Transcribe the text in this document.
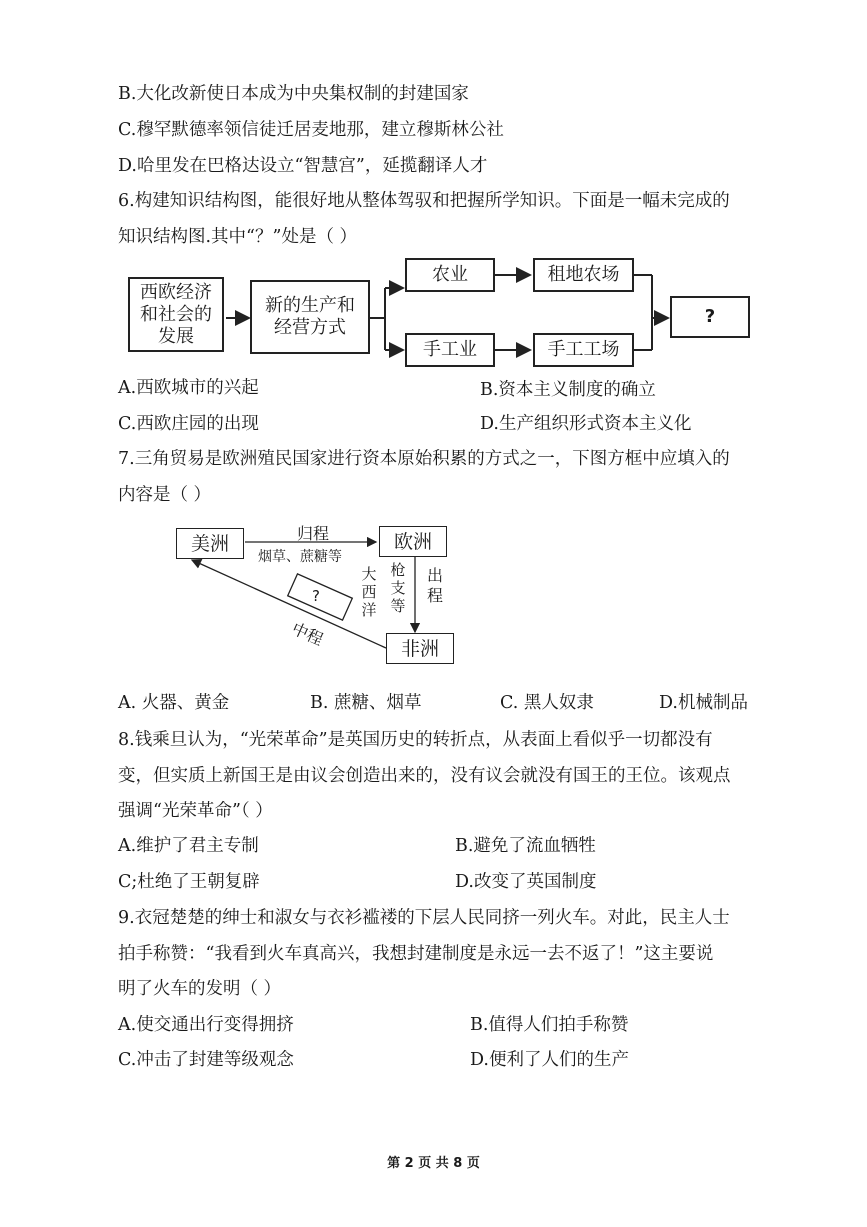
B.大化改新使日本成为中央集权制的封建国家
C.穆罕默德率领信徒迁居麦地那，建立穆斯林公社
D.哈里发在巴格达设立“智慧宫”，延揽翻译人才
6.构建知识结构图，能很好地从整体驾驭和把握所学知识。下面是一幅未完成的
知识结构图.其中“？”处是（ ）
西欧经济和社会的发展
新的生产和经营方式
农业	租地农场
手工业	手工工场
?
A.西欧城市的兴起	B.资本主义制度的确立
C.西欧庄园的出现	D.生产组织形式资本主义化
7.三角贸易是欧洲殖民国家进行资本原始积累的方式之一，下图方框中应填入的
内容是（ ）
美洲	欧洲
非洲
?
归程
烟草、蔗糖等
大西洋
枪支等
出程
中程
A. 火器、黄金	B. 蔗糖、烟草	C. 黑人奴隶	D.机械制品
8.钱乘旦认为，“光荣革命”是英国历史的转折点，从表面上看似乎一切都没有
变，但实质上新国王是由议会创造出来的，没有议会就没有国王的王位。该观点
强调“光荣革命”（ ）
A.维护了君主专制	B.避免了流血牺牲
C;杜绝了王朝复辟	D.改变了英国制度
9.衣冠楚楚的绅士和淑女与衣衫褴褛的下层人民同挤一列火车。对此，民主人士
拍手称赞：“我看到火车真高兴，我想封建制度是永远一去不返了！”这主要说
明了火车的发明（ ）
A.使交通出行变得拥挤	B.值得人们拍手称赞
C.冲击了封建等级观念	D.便利了人们的生产
第 2 页 共 8 页
